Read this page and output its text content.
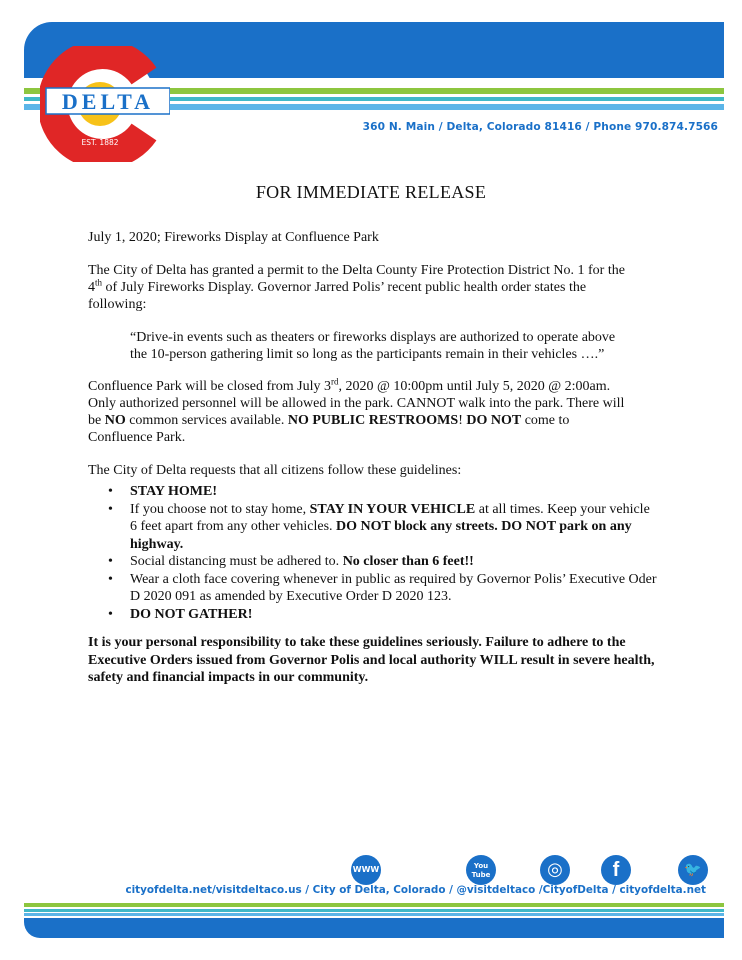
CITY OF
DELTA
EST. 1882
360 N. Main / Delta, Colorado 81416 / Phone 970.874.7566
FOR IMMEDIATE RELEASE

July 1, 2020; Fireworks Display at Confluence Park

The City of Delta has granted a permit to the Delta County Fire Protection District No. 1 for the

4th of July Fireworks Display. Governor Jarred Polis’ recent public health order states the

following:

“Drive-in events such as theaters or fireworks displays are authorized to operate above

the 10-person gathering limit so long as the participants remain in their vehicles ….”

Confluence Park will be closed from July 3rd, 2020 @ 10:00pm until July 5, 2020 @ 2:00am.

Only authorized personnel will be allowed in the park. CANNOT walk into the park. There will

be NO common services available. NO PUBLIC RESTROOMS! DO NOT come to

Confluence Park.

The City of Delta requests that all citizens follow these guidelines:

• STAY HOME!
• If you choose not to stay home, STAY IN YOUR VEHICLE at all times. Keep your vehicle 6 feet apart from any other vehicles. DO NOT block any streets. DO NOT park on any highway.
• Social distancing must be adhered to. No closer than 6 feet!!
• Wear a cloth face covering whenever in public as required by Governor Polis’ Executive Oder D 2020 091 as amended by Executive Order D 2020 123.
• DO NOT GATHER!

It is your personal responsibility to take these guidelines seriously. Failure to adhere to the Executive Orders issued from Governor Polis and local authority WILL result in severe health, safety and financial impacts in our community.

WWW	You Tube	◎	f	🐦
cityofdelta.net/visitdeltaco.us / City of Delta, Colorado / @visitdeltaco /CityofDelta / cityofdelta.net
